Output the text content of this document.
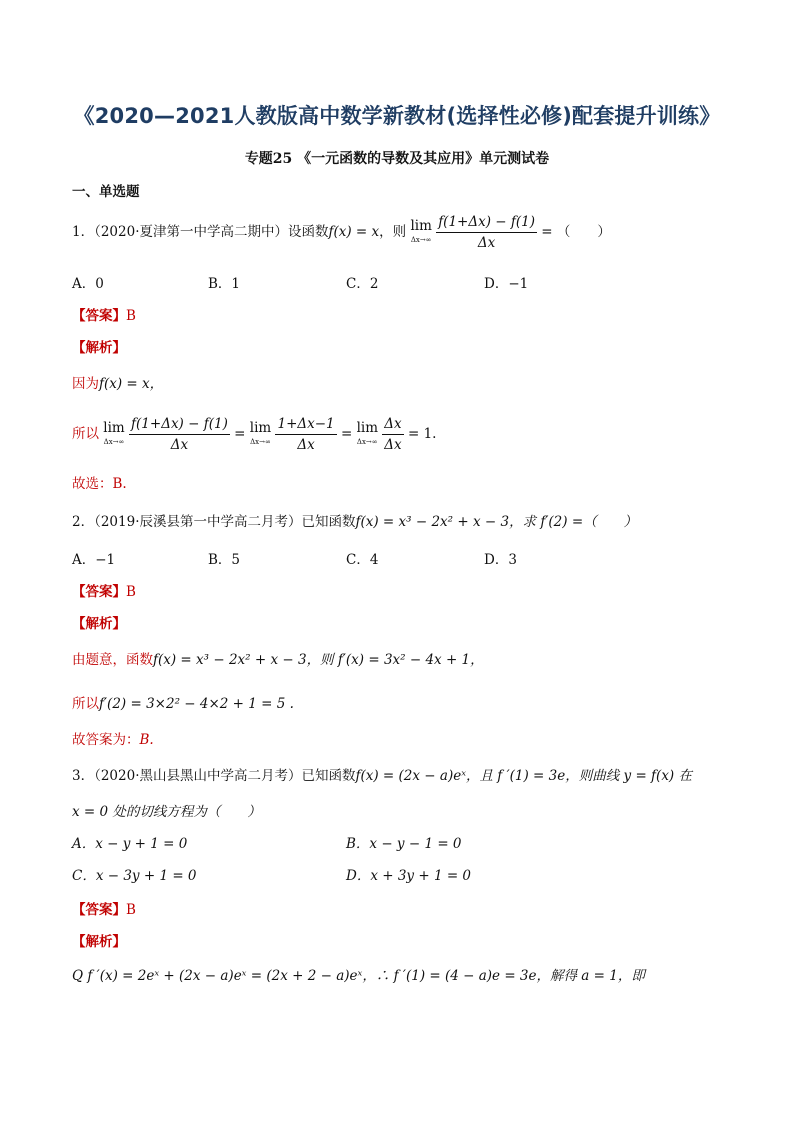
《2020—2021人教版高中数学新教材(选择性必修)配套提升训练》
专题25 《一元函数的导数及其应用》单元测试卷
一、单选题
1．（2020·夏津第一中学高二期中）设函数f(x) = x，则 lim
Δx→∞
$\frac{f(1+\Delta x) - f(1)}{\Delta x}$ = （　　）
A．0	B．1	C．2	D．−1
【答案】B
【解析】
因为f(x) = x，
所以 lim
Δx→∞
$\frac{f(1+\Delta x) - f(1)}{\Delta x} = \lim$
Δx→∞
$\frac{1+\Delta x-1}{\Delta x} = \lim$
Δx→∞
$\frac{\Delta x}{\Delta x} = 1$.
故选：B.
2．（2019·辰溪县第一中学高二月考）已知函数f(x) = x³ − 2x² + x − 3，求 f′(2) =（　　）
A．−1	B．5	C．4	D．3
【答案】B
【解析】
由题意，函数f(x) = x³ − 2x² + x − 3，则 f′(x) = 3x² − 4x + 1，
所以f′(2) = 3×2² − 4×2 + 1 = 5 .
故答案为：B.
3．（2020·黑山县黑山中学高二月考）已知函数f(x) = (2x − a)eˣ，且 f ′(1) = 3e，则曲线 y = f(x) 在
x = 0 处的切线方程为（　　）
A．x − y + 1 = 0	B．x − y − 1 = 0
C．x − 3y + 1 = 0	D．x + 3y + 1 = 0
【答案】B
【解析】
Q f ′(x) = 2eˣ + (2x − a)eˣ = (2x + 2 − a)eˣ，∴ f ′(1) = (4 − a)e = 3e，解得 a = 1，即
